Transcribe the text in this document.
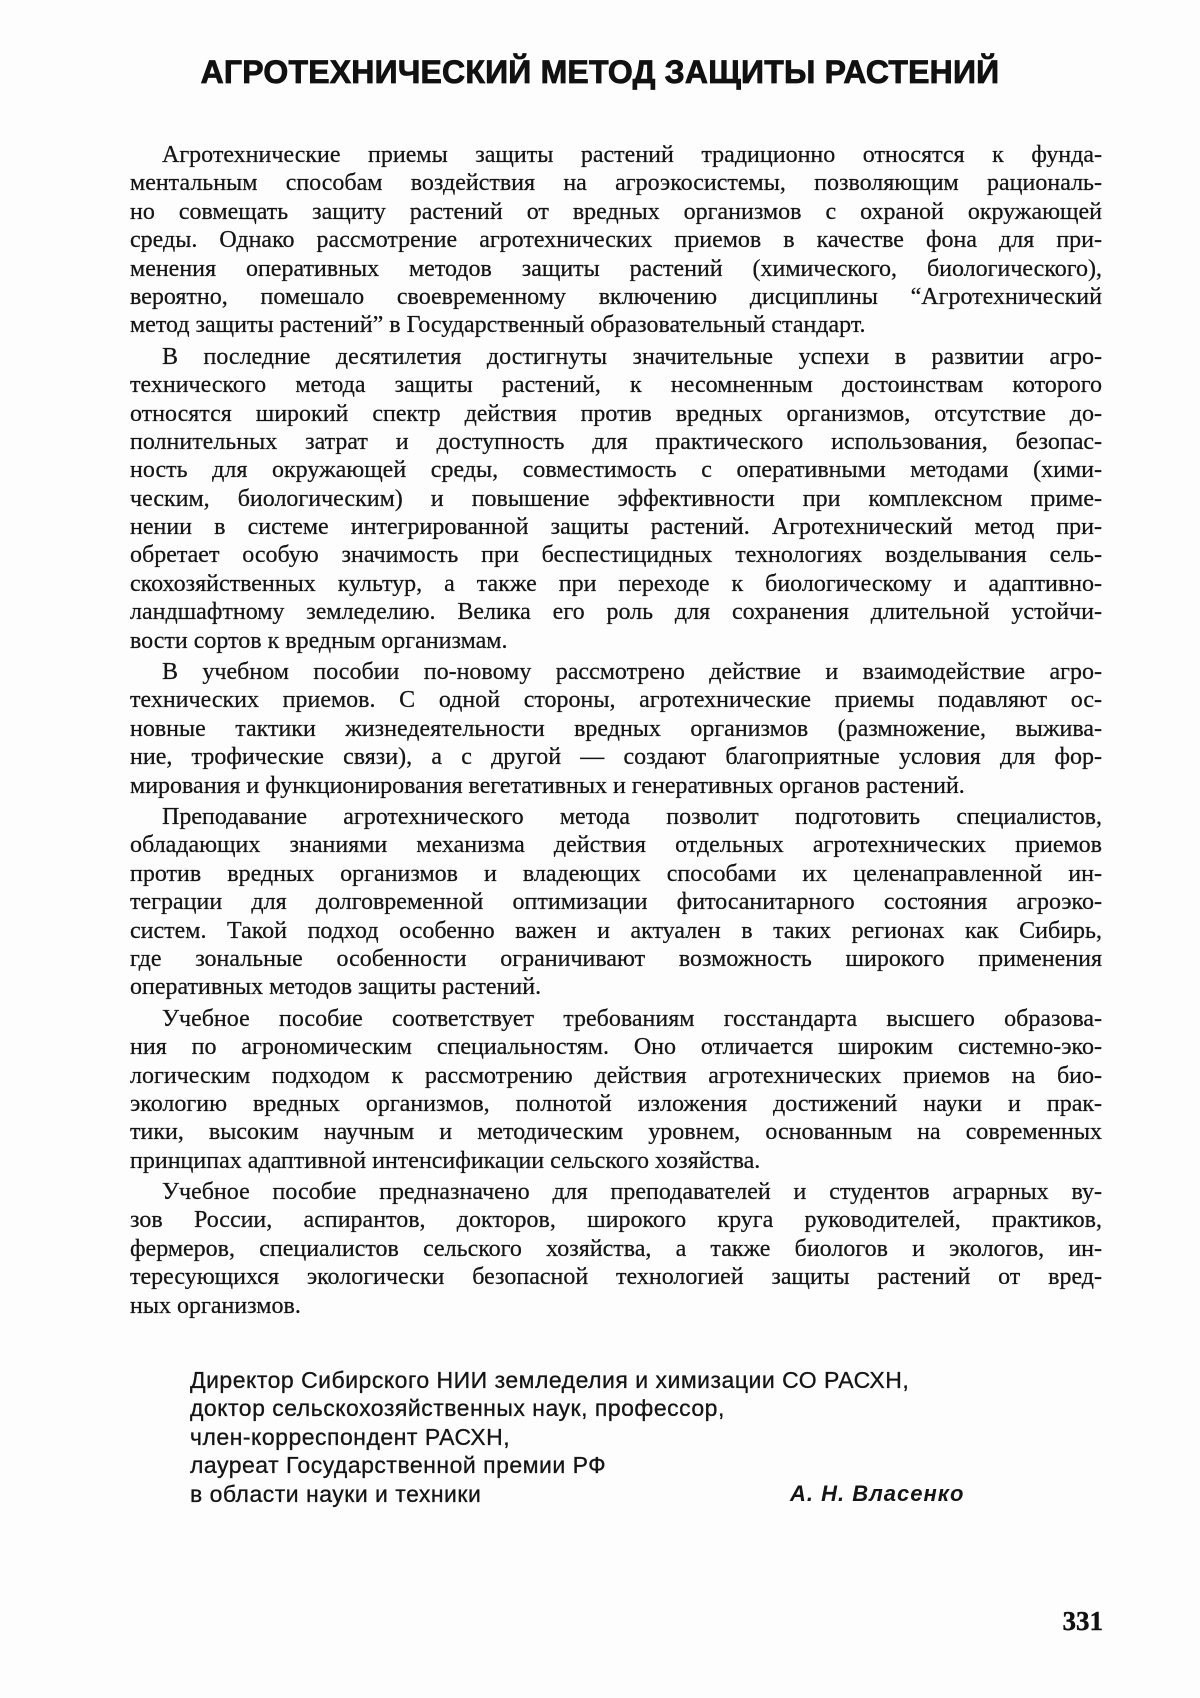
АГРОТЕХНИЧЕСКИЙ МЕТОД ЗАЩИТЫ РАСТЕНИЙ
Агротехнические приемы защиты растений традиционно относятся к фунда-
ментальным способам воздействия на агроэкосистемы, позволяющим рациональ-
но совмещать защиту растений от вредных организмов с охраной окружающей
среды. Однако рассмотрение агротехнических приемов в качестве фона для при-
менения оперативных методов защиты растений (химического, биологического),
вероятно, помешало своевременному включению дисциплины “Агротехнический
метод защиты растений” в Государственный образовательный стандарт.
В последние десятилетия достигнуты значительные успехи в развитии агро-
технического метода защиты растений, к несомненным достоинствам которого
относятся широкий спектр действия против вредных организмов, отсутствие до-
полнительных затрат и доступность для практического использования, безопас-
ность для окружающей среды, совместимость с оперативными методами (хими-
ческим, биологическим) и повышение эффективности при комплексном приме-
нении в системе интегрированной защиты растений. Агротехнический метод при-
обретает особую значимость при беспестицидных технологиях возделывания сель-
скохозяйственных культур, а также при переходе к биологическому и адаптивно-
ландшафтному земледелию. Велика его роль для сохранения длительной устойчи-
вости сортов к вредным организмам.
В учебном пособии по-новому рассмотрено действие и взаимодействие агро-
технических приемов. С одной стороны, агротехнические приемы подавляют ос-
новные тактики жизнедеятельности вредных организмов (размножение, выжива-
ние, трофические связи), а с другой — создают благоприятные условия для фор-
мирования и функционирования вегетативных и генеративных органов растений.
Преподавание агротехнического метода позволит подготовить специалистов,
обладающих знаниями механизма действия отдельных агротехнических приемов
против вредных организмов и владеющих способами их целенаправленной ин-
теграции для долговременной оптимизации фитосанитарного состояния агроэко-
систем. Такой подход особенно важен и актуален в таких регионах как Сибирь,
где зональные особенности ограничивают возможность широкого применения
оперативных методов защиты растений.
Учебное пособие соответствует требованиям госстандарта высшего образова-
ния по агрономическим специальностям. Оно отличается широким системно-эко-
логическим подходом к рассмотрению действия агротехнических приемов на био-
экологию вредных организмов, полнотой изложения достижений науки и прак-
тики, высоким научным и методическим уровнем, основанным на современных
принципах адаптивной интенсификации сельского хозяйства.
Учебное пособие предназначено для преподавателей и студентов аграрных ву-
зов России, аспирантов, докторов, широкого круга руководителей, практиков,
фермеров, специалистов сельского хозяйства, а также биологов и экологов, ин-
тересующихся экологически безопасной технологией защиты растений от вред-
ных организмов.
Директор Сибирского НИИ земледелия и химизации СО РАСХН,
доктор сельскохозяйственных наук, профессор,
член-корреспондент РАСХН,
лауреат Государственной премии РФ
в области науки и техники	А. Н. Власенко
331
